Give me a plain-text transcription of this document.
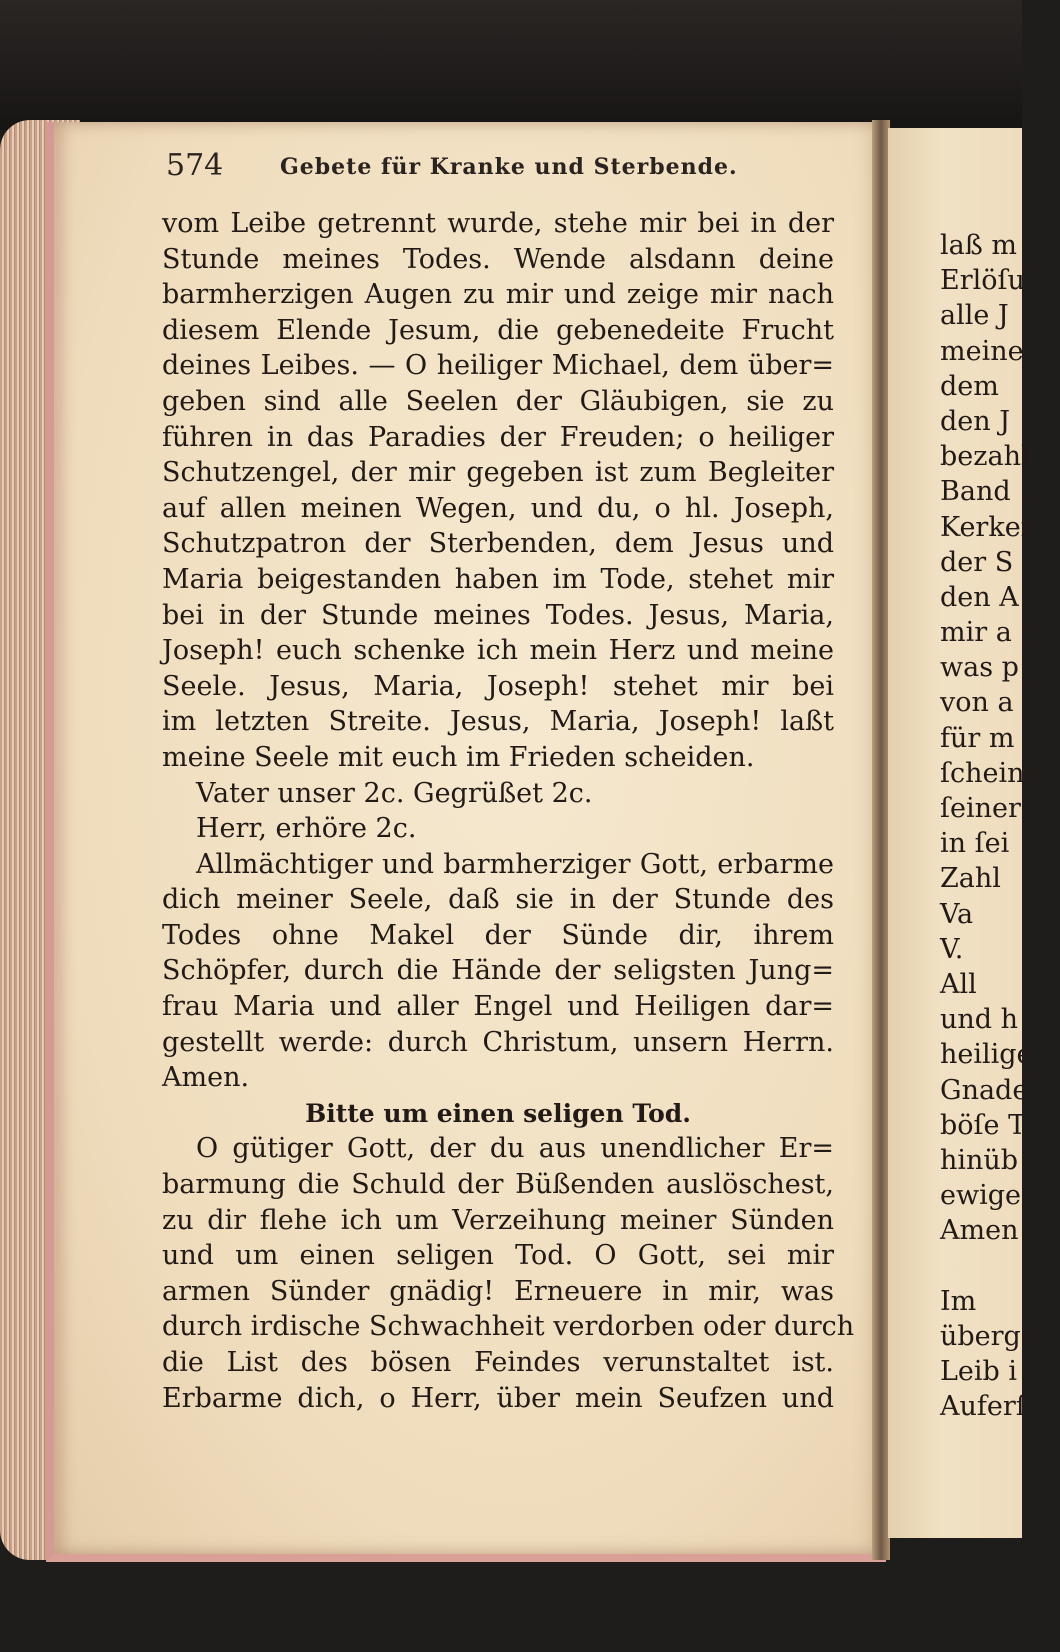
574	Gebete für Kranke und Sterbende.
vom Leibe getrennt wurde, stehe mir bei in der
Stunde meines Todes. Wende alsdann deine
barmherzigen Augen zu mir und zeige mir nach
diesem Elende Jesum, die gebenedeite Frucht
deines Leibes. — O heiliger Michael, dem über=
geben sind alle Seelen der Gläubigen, sie zu
führen in das Paradies der Freuden; o heiliger
Schutzengel, der mir gegeben ist zum Begleiter
auf allen meinen Wegen, und du, o hl. Joseph,
Schutzpatron der Sterbenden, dem Jesus und
Maria beigestanden haben im Tode, stehet mir
bei in der Stunde meines Todes. Jesus, Maria,
Joseph! euch schenke ich mein Herz und meine
Seele. Jesus, Maria, Joseph! stehet mir bei
im letzten Streite. Jesus, Maria, Joseph! laßt
meine Seele mit euch im Frieden scheiden.
Vater unser 2c. Gegrüßet 2c.
Herr, erhöre 2c.
Allmächtiger und barmherziger Gott, erbarme
dich meiner Seele, daß sie in der Stunde des
Todes ohne Makel der Sünde dir, ihrem
Schöpfer, durch die Hände der seligsten Jung=
frau Maria und aller Engel und Heiligen dar=
gestellt werde: durch Christum, unsern Herrn.
Amen.
Bitte um einen seligen Tod.
O gütiger Gott, der du aus unendlicher Er=
barmung die Schuld der Büßenden auslöschest,
zu dir flehe ich um Verzeihung meiner Sünden
und um einen seligen Tod. O Gott, sei mir
armen Sünder gnädig! Erneuere in mir, was
durch irdische Schwachheit verdorben oder durch
die List des bösen Feindes verunstaltet ist.
Erbarme dich, o Herr, über mein Seufzen und
laß m
Erlöſu
alle J
meine
dem
den J
bezahl
Band
Kerker
der S
den A
mir a
was p
von a
für m
ſcheine
ſeiner
in ſei
Zahl
Va
V.
All
und h
heilige
Gnade
böſe T
hinüb
ewige
Amen
Im
überge
Leib i
Auferſ
